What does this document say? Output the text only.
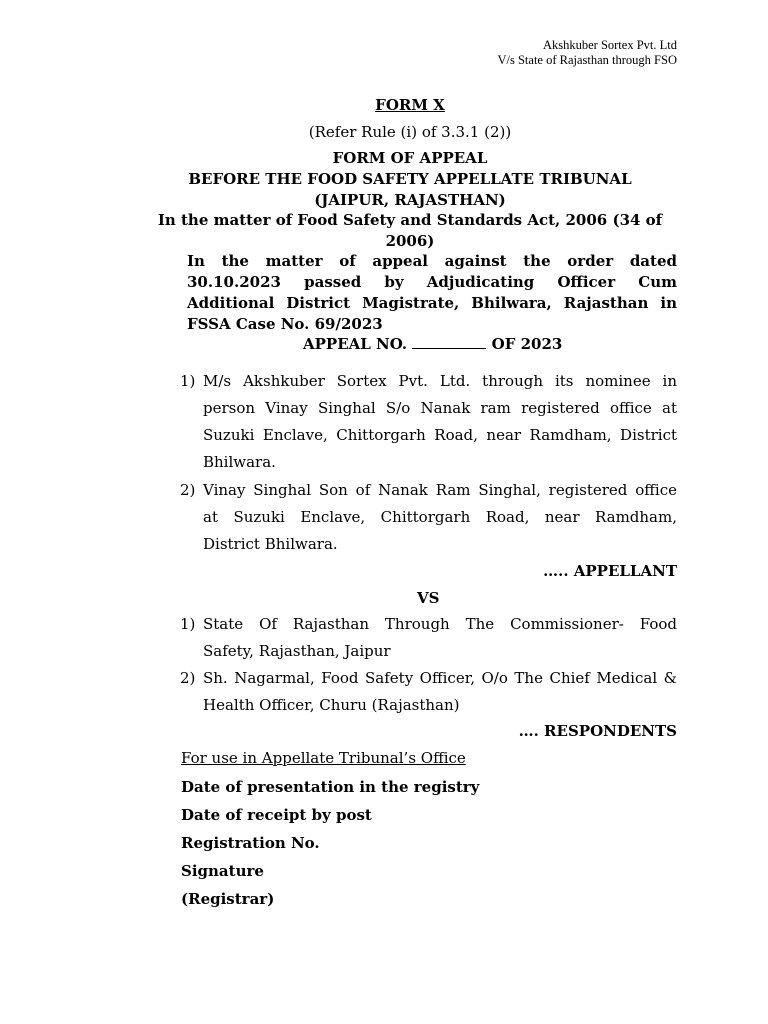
Akshkuber Sortex Pvt. Ltd
V/s State of Rajasthan through FSO
FORM X
(Refer Rule (i) of 3.3.1 (2))
FORM OF APPEAL
BEFORE THE FOOD SAFETY APPELLATE TRIBUNAL
(JAIPUR, RAJASTHAN)
In the matter of Food Safety and Standards Act, 2006 (34 of
2006)
In the matter of appeal against the order dated
30.10.2023 passed by Adjudicating Officer Cum
Additional District Magistrate, Bhilwara, Rajasthan in
FSSA Case No. 69/2023
APPEAL NO.	OF 2023
1) M/s Akshkuber Sortex Pvt. Ltd. through its nominee in
person Vinay Singhal S/o Nanak ram registered office at
Suzuki Enclave, Chittorgarh Road, near Ramdham, District
Bhilwara.
2) Vinay Singhal Son of Nanak Ram Singhal, registered office
at Suzuki Enclave, Chittorgarh Road, near Ramdham,
District Bhilwara.
….. APPELLANT
VS
1) State Of Rajasthan Through The Commissioner- Food
Safety, Rajasthan, Jaipur
2) Sh. Nagarmal, Food Safety Officer, O/o The Chief Medical &
Health Officer, Churu (Rajasthan)
…. RESPONDENTS
For use in Appellate Tribunal’s Office
Date of presentation in the registry
Date of receipt by post
Registration No.
Signature
(Registrar)
